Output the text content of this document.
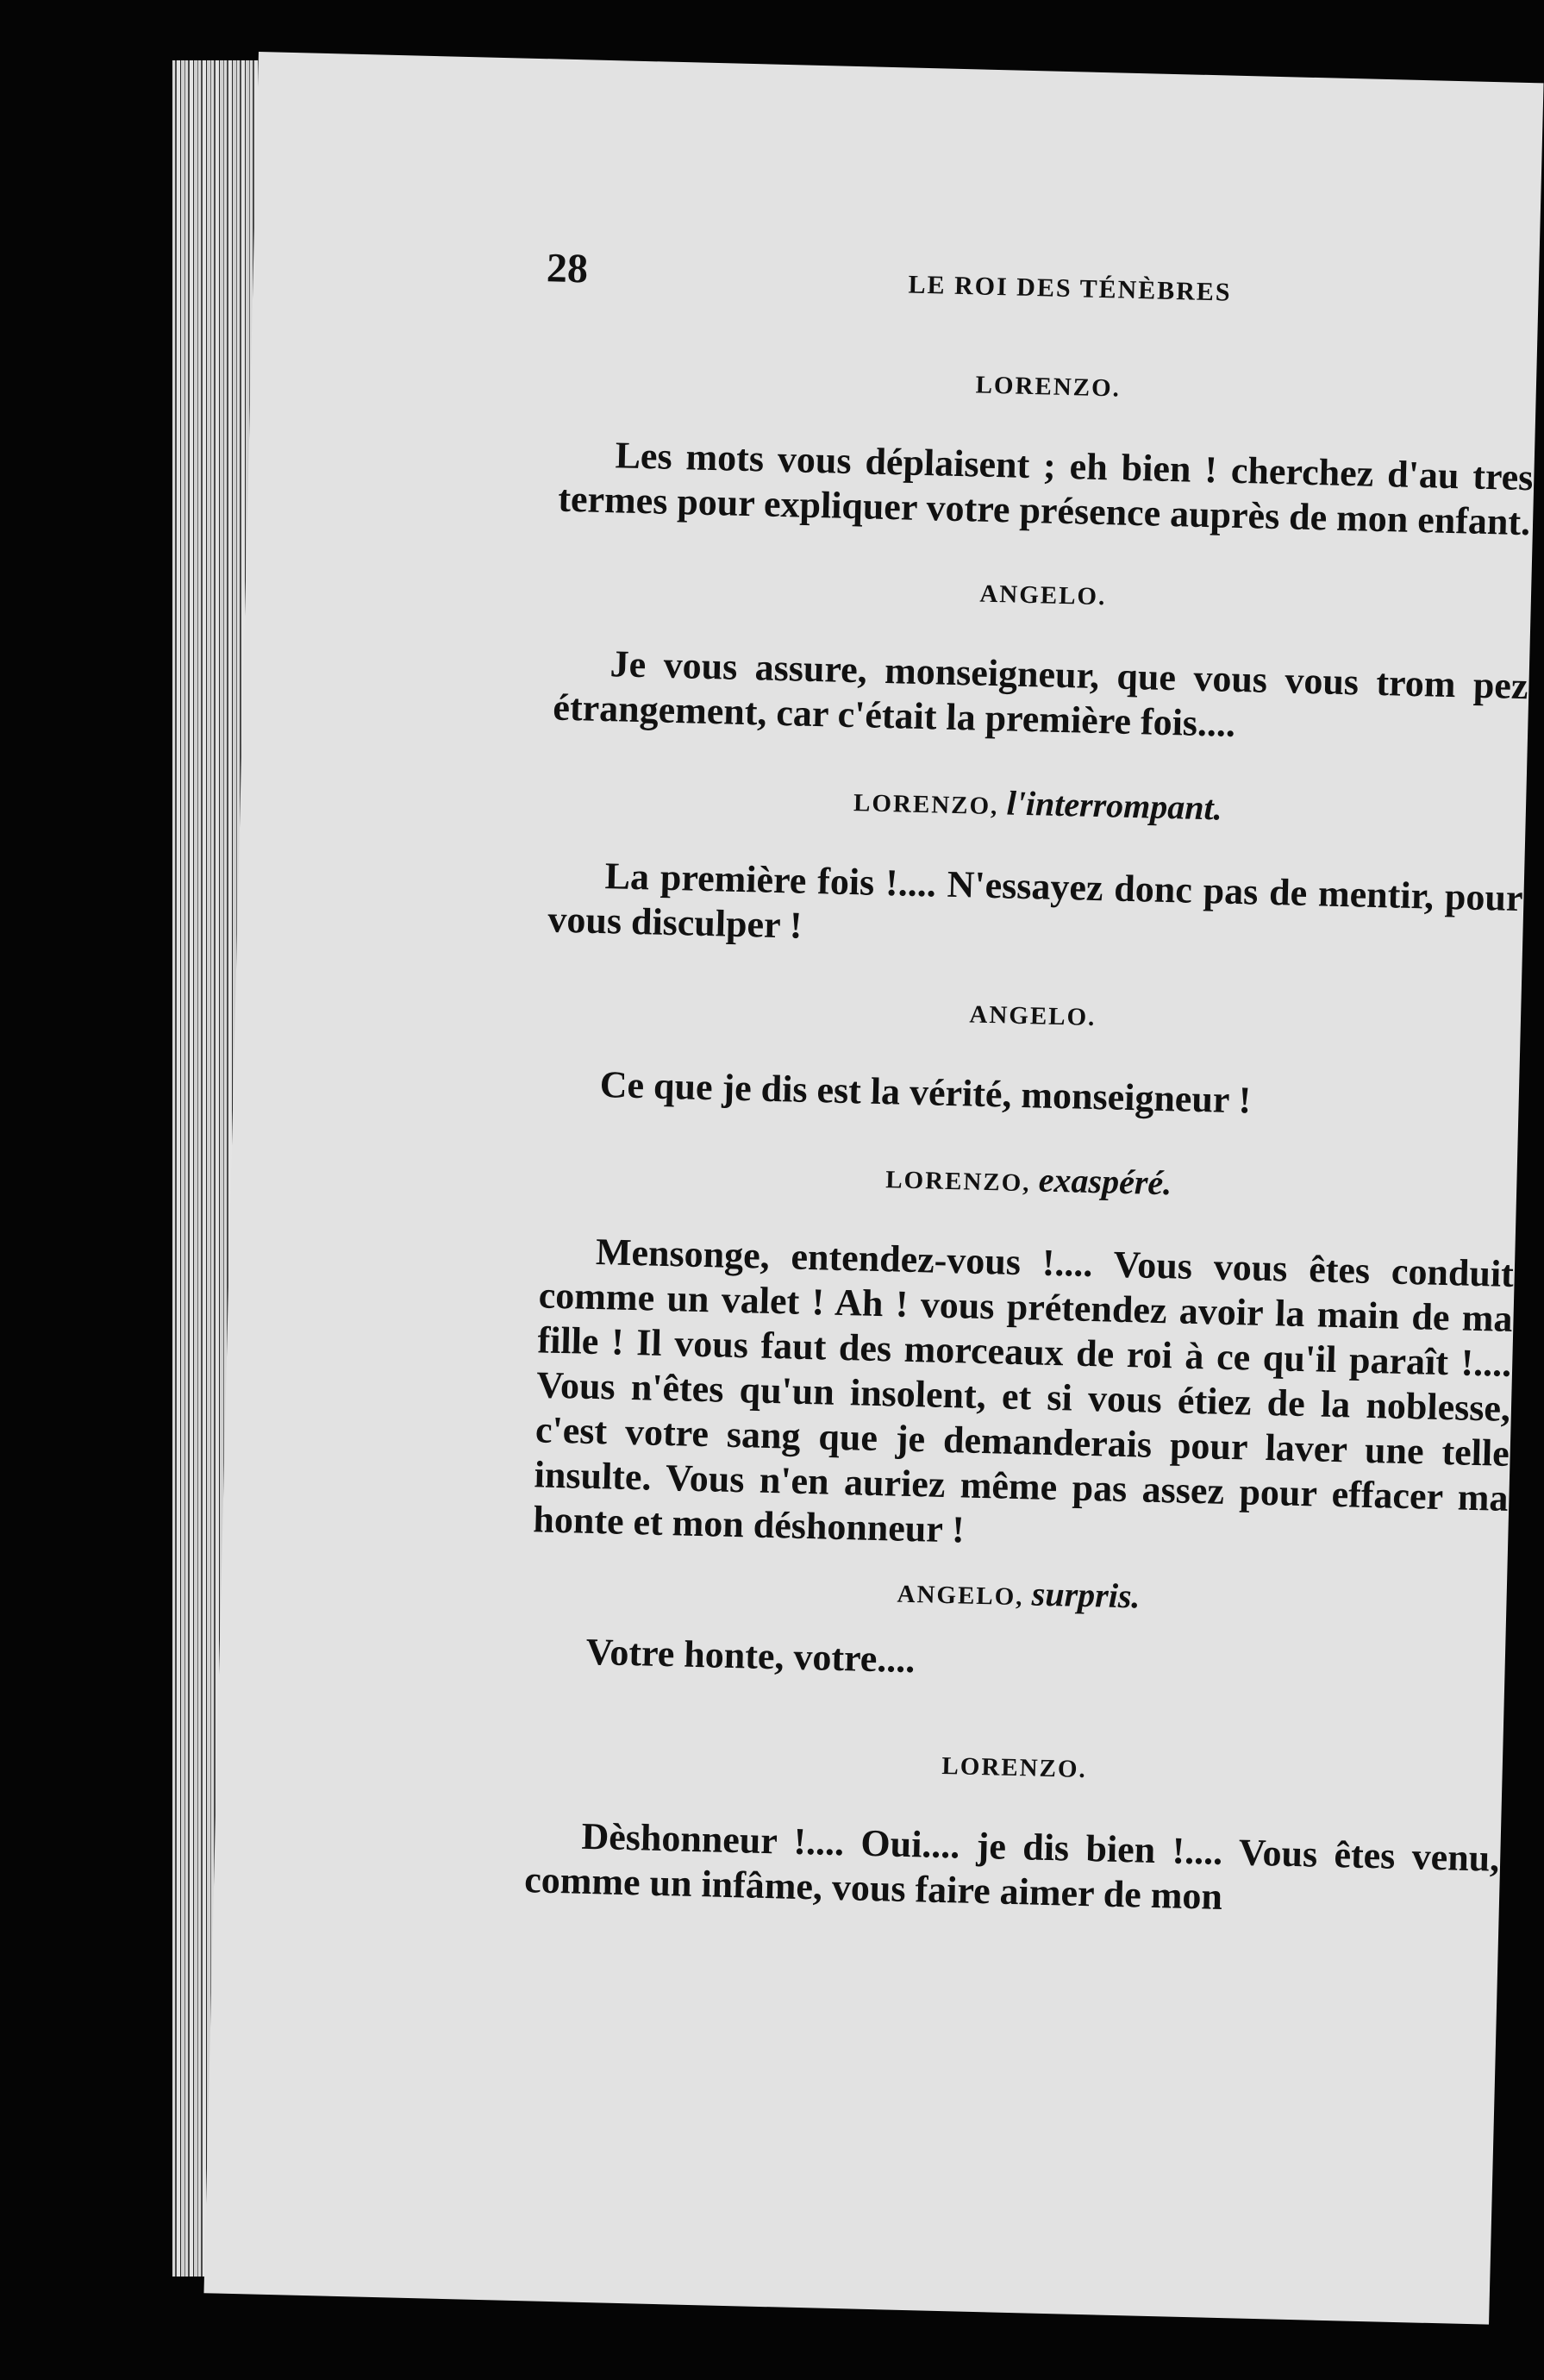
28	LE ROI DES TÉNÈBRES
LORENZO.

Les mots vous déplaisent ; eh bien ! cherchez d'au tres termes pour expliquer votre présence auprès de mon enfant.

ANGELO.

Je vous assure, monseigneur, que vous vous trom pez étrangement, car c'était la première fois....

LORENZO, l'interrompant.

La première fois !.... N'essayez donc pas de mentir, pour vous disculper !

ANGELO.

Ce que je dis est la vérité, monseigneur !

LORENZO, exaspéré.

Mensonge, entendez-vous !.... Vous vous êtes conduit comme un valet ! Ah ! vous prétendez avoir la main de ma fille ! Il vous faut des morceaux de roi à ce qu'il paraît !.... Vous n'êtes qu'un insolent, et si vous étiez de la noblesse, c'est votre sang que je demanderais pour laver une telle insulte. Vous n'en auriez même pas assez pour effacer ma honte et mon déshonneur !

ANGELO, surpris.

Votre honte, votre....

LORENZO.

Dèshonneur !.... Oui.... je dis bien !.... Vous êtes venu, comme un infâme, vous faire aimer de mon
